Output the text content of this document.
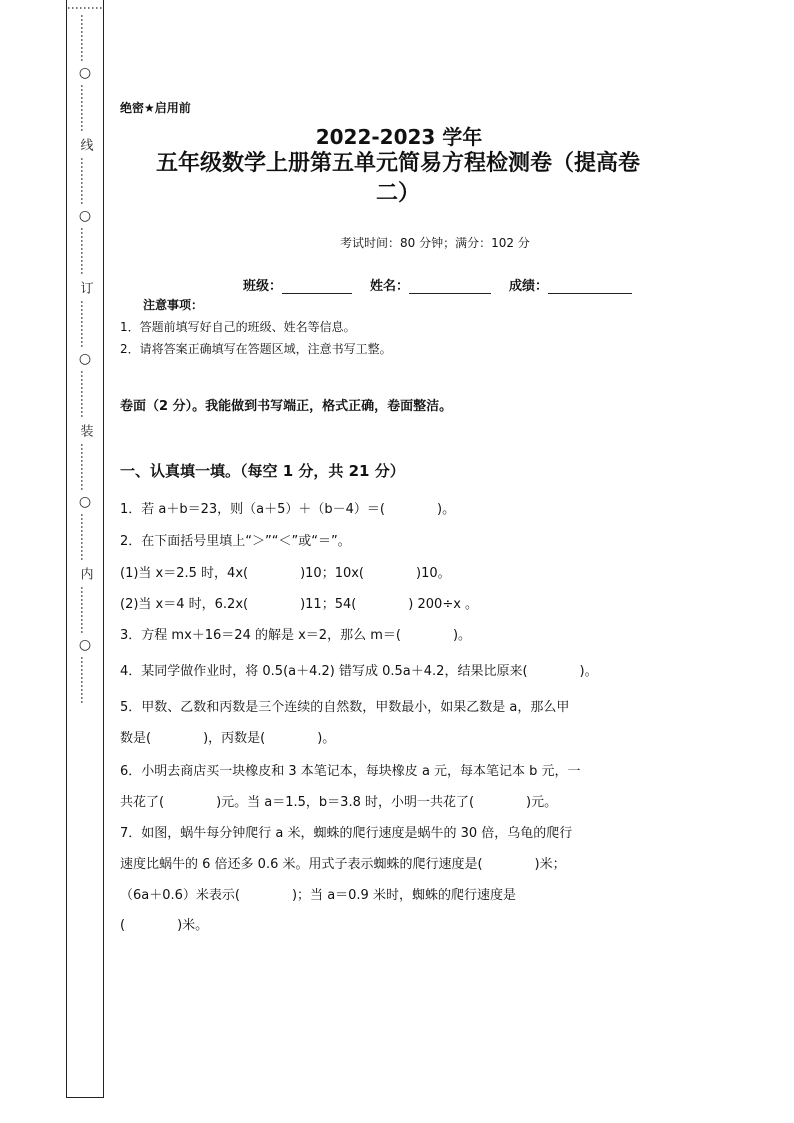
⋮
⋮
⋮
…………
○
…………
线
…………
○
…………
订
…………
○
…………
装
…………
○
…………
内
…………
○
…………
绝密★启用前
2022-2023 学年
五年级数学上册第五单元简易方程检测卷（提高卷
二）
考试时间：80 分钟；满分：102 分
班级：	姓名：	成绩：
注意事项：
1．答题前填写好自己的班级、姓名等信息。
2．请将答案正确填写在答题区域，注意书写工整。
卷面（2 分）。我能做到书写端正，格式正确，卷面整洁。
一、认真填一填。（每空 1 分，共 21 分）
1．若 a＋b＝23，则（a＋5）＋（b－4）＝(　　　　)。
2．在下面括号里填上“＞”“＜”或“＝”。
(1)当 x＝2.5 时，4x(　　　　)10；10x(　　　　)10。
(2)当 x＝4 时，6.2x(　　　　)11；54(　　　　) 200÷x 。
3．方程 mx＋16＝24 的解是 x＝2，那么 m＝(　　　　)。
4．某同学做作业时，将 0.5(a＋4.2) 错写成 0.5a＋4.2，结果比原来(　　　　)。
5．甲数、乙数和丙数是三个连续的自然数，甲数最小，如果乙数是 a，那么甲
数是(　　　　)，丙数是(　　　　)。
6．小明去商店买一块橡皮和 3 本笔记本，每块橡皮 a 元，每本笔记本 b 元，一
共花了(　　　　)元。当 a＝1.5，b＝3.8 时，小明一共花了(　　　　)元。
7．如图，蜗牛每分钟爬行 a 米，蜘蛛的爬行速度是蜗牛的 30 倍，乌龟的爬行
速度比蜗牛的 6 倍还多 0.6 米。用式子表示蜘蛛的爬行速度是(　　　　)米；
（6a＋0.6）米表示(　　　　)；当 a＝0.9 米时，蜘蛛的爬行速度是
(　　　　)米。
